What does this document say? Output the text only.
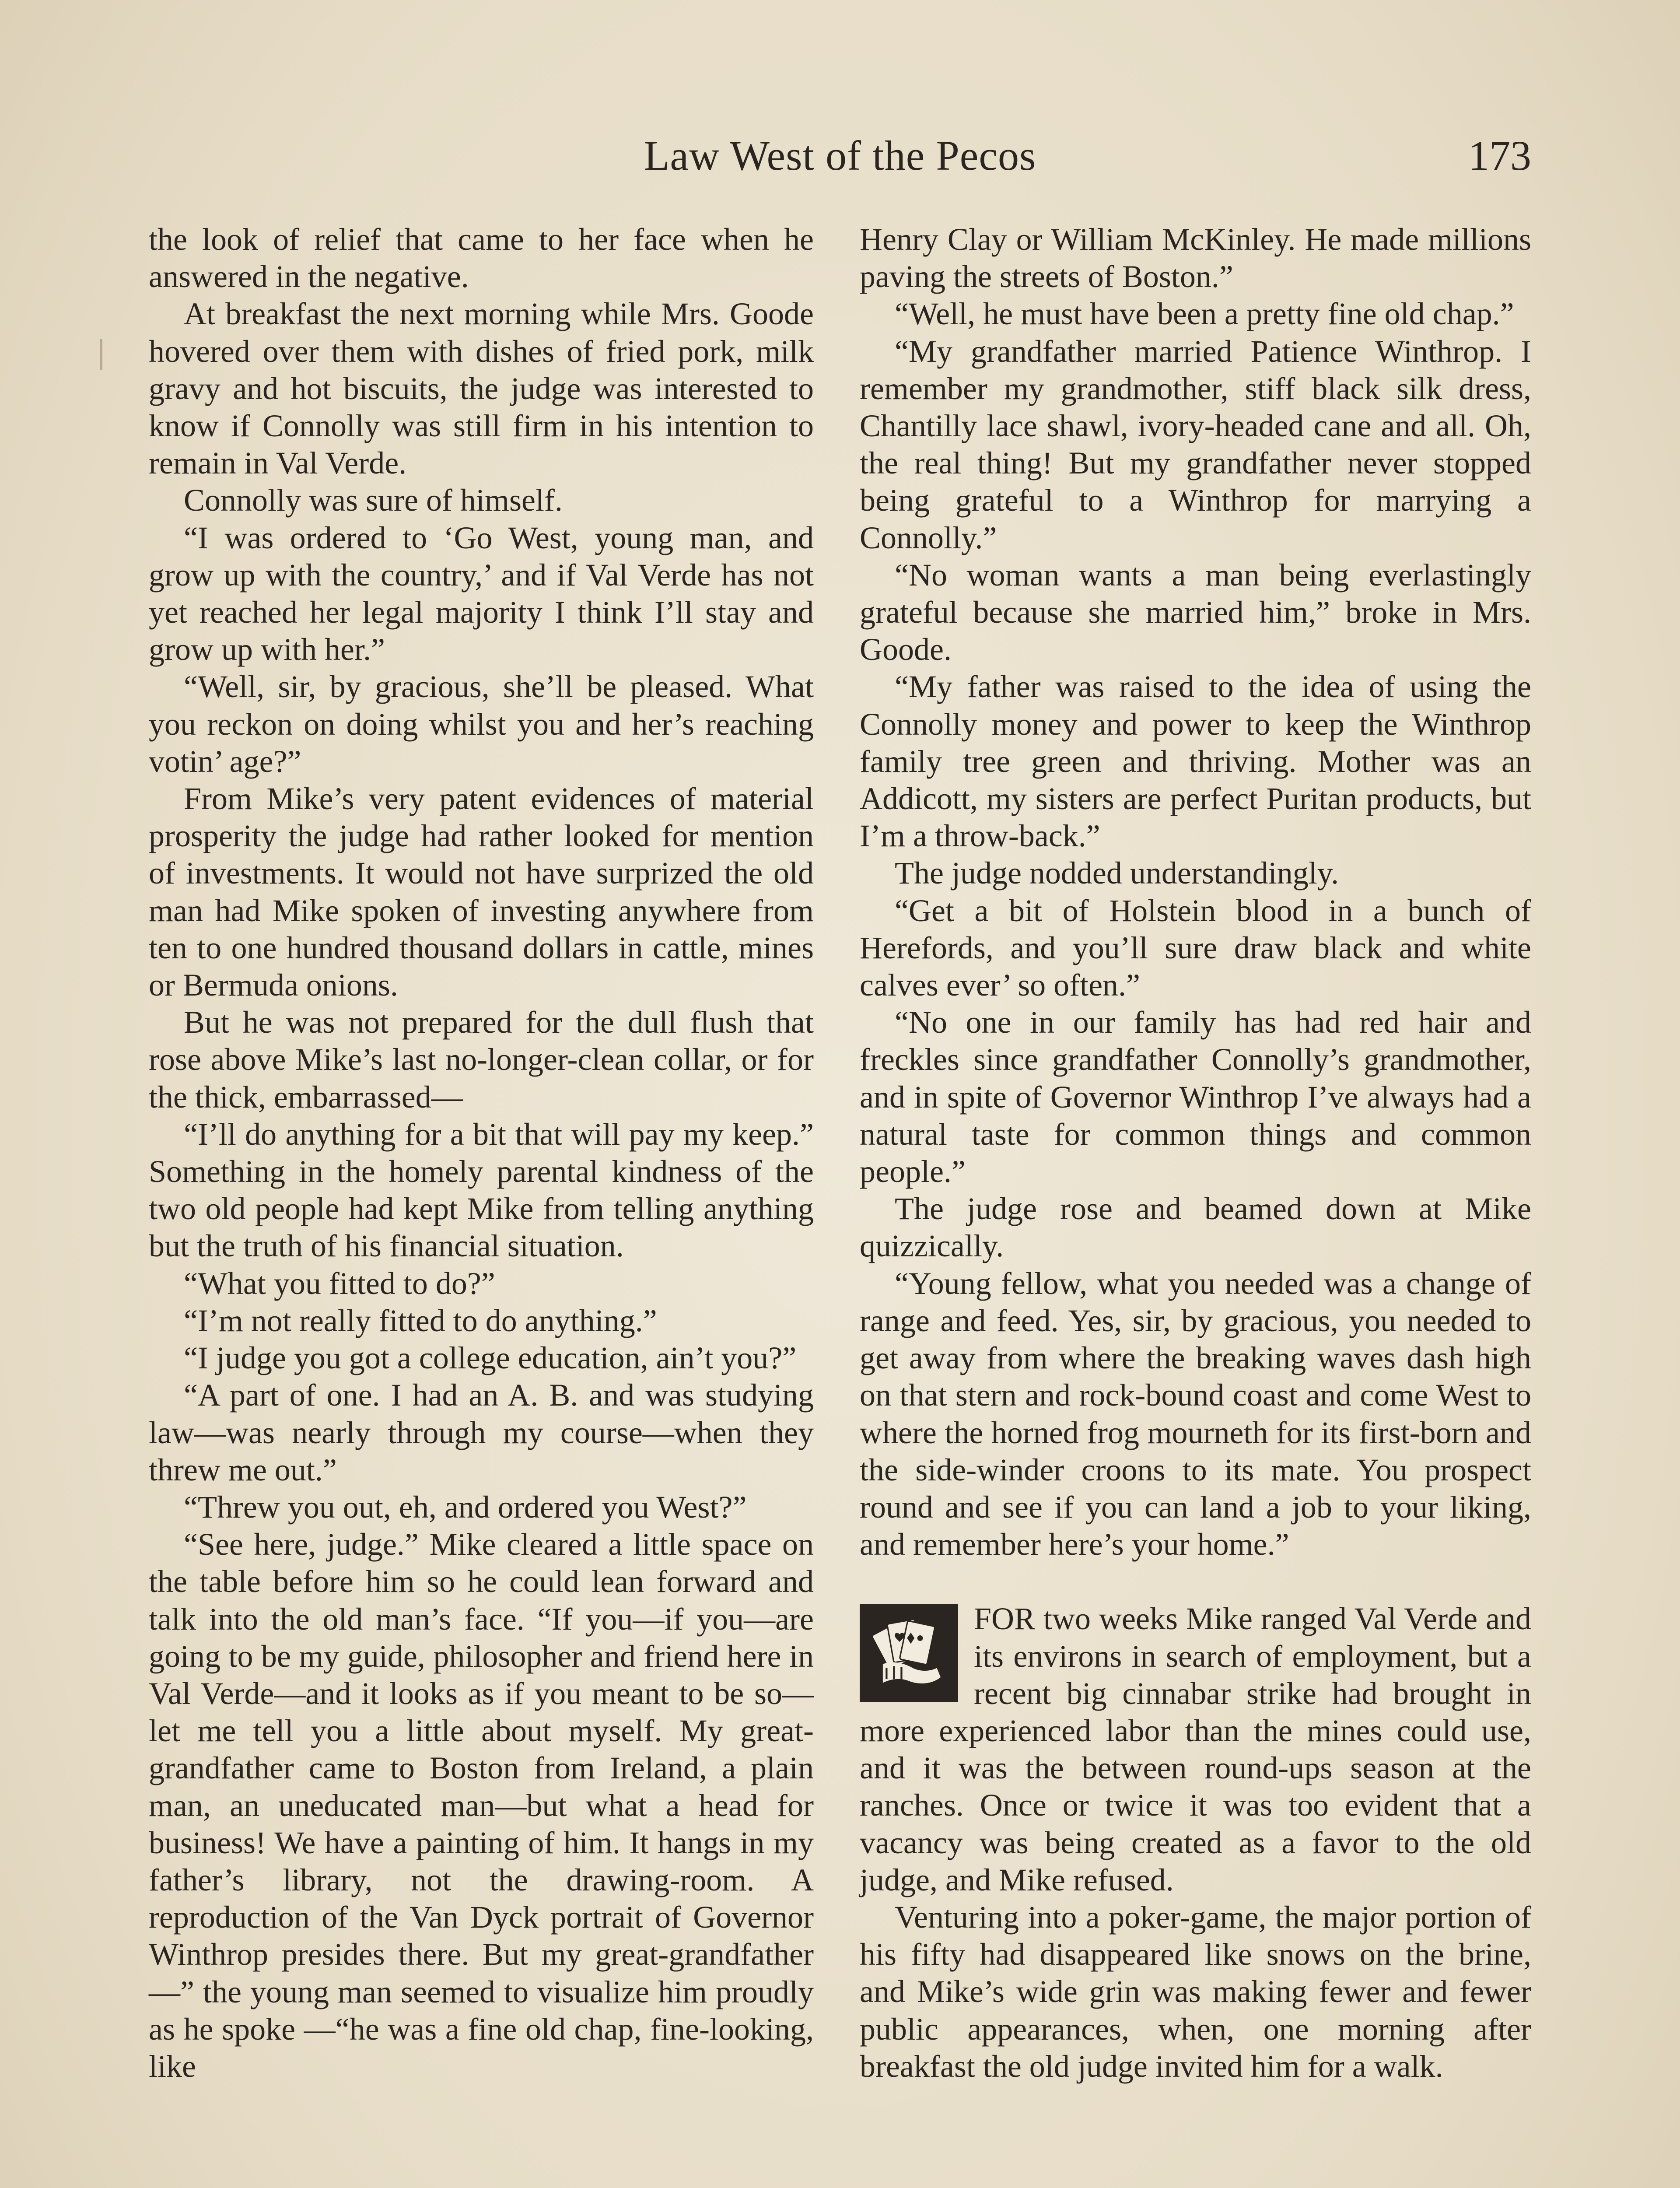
Law West of the Pecos	173

the look of relief that came to her face when he answered in the negative.

At breakfast the next morning while Mrs. Goode hovered over them with dishes of fried pork, milk gravy and hot biscuits, the judge was interested to know if Connolly was still firm in his intention to remain in Val Verde.

Connolly was sure of himself.

“I was ordered to ‘Go West, young man, and grow up with the country,’ and if Val Verde has not yet reached her legal majority I think I’ll stay and grow up with her.”

“Well, sir, by gracious, she’ll be pleased. What you reckon on doing whilst you and her’s reaching votin’ age?”

From Mike’s very patent evidences of material prosperity the judge had rather looked for mention of investments. It would not have surprized the old man had Mike spoken of investing anywhere from ten to one hundred thousand dollars in cattle, mines or Bermuda onions.

But he was not prepared for the dull flush that rose above Mike’s last no-longer-clean collar, or for the thick, embarrassed—

“I’ll do anything for a bit that will pay my keep.” Something in the homely parental kindness of the two old people had kept Mike from telling anything but the truth of his financial situation.

“What you fitted to do?”

“I’m not really fitted to do anything.”

“I judge you got a college education, ain’t you?”

“A part of one. I had an A. B. and was studying law—was nearly through my course—when they threw me out.”

“Threw you out, eh, and ordered you West?”

“See here, judge.” Mike cleared a little space on the table before him so he could lean forward and talk into the old man’s face. “If you—if you—are going to be my guide, philosopher and friend here in Val Verde—and it looks as if you meant to be so—let me tell you a little about myself. My great-grandfather came to Boston from Ireland, a plain man, an uneducated man—but what a head for business! We have a painting of him. It hangs in my father’s library, not the drawing-room. A reproduction of the Van Dyck portrait of Governor Winthrop presides there. But my great-grandfather—” the young man seemed to visualize him proudly as he spoke —“he was a fine old chap, fine-looking, like

Henry Clay or William McKinley. He made millions paving the streets of Boston.”

“Well, he must have been a pretty fine old chap.”

“My grandfather married Patience Winthrop. I remember my grandmother, stiff black silk dress, Chantilly lace shawl, ivory-headed cane and all. Oh, the real thing! But my grandfather never stopped being grateful to a Winthrop for marrying a Connolly.”

“No woman wants a man being everlastingly grateful because she married him,” broke in Mrs. Goode.

“My father was raised to the idea of using the Connolly money and power to keep the Winthrop family tree green and thriving. Mother was an Addicott, my sisters are perfect Puritan products, but I’m a throw-back.”

The judge nodded understandingly.

“Get a bit of Holstein blood in a bunch of Herefords, and you’ll sure draw black and white calves ever’ so often.”

“No one in our family has had red hair and freckles since grandfather Connolly’s grandmother, and in spite of Governor Winthrop I’ve always had a natural taste for common things and common people.”

The judge rose and beamed down at Mike quizzically.

“Young fellow, what you needed was a change of range and feed. Yes, sir, by gracious, you needed to get away from where the breaking waves dash high on that stern and rock-bound coast and come West to where the horned frog mourneth for its first-born and the side-winder croons to its mate. You prospect round and see if you can land a job to your liking, and remember here’s your home.”

FOR two weeks Mike ranged Val Verde and its environs in search of employment, but a recent big cinnabar strike had brought in more experienced labor than the mines could use, and it was the between round-ups season at the ranches. Once or twice it was too evident that a vacancy was being created as a favor to the old judge, and Mike refused.

Venturing into a poker-game, the major portion of his fifty had disappeared like snows on the brine, and Mike’s wide grin was making fewer and fewer public appearances, when, one morning after breakfast the old judge invited him for a walk.
